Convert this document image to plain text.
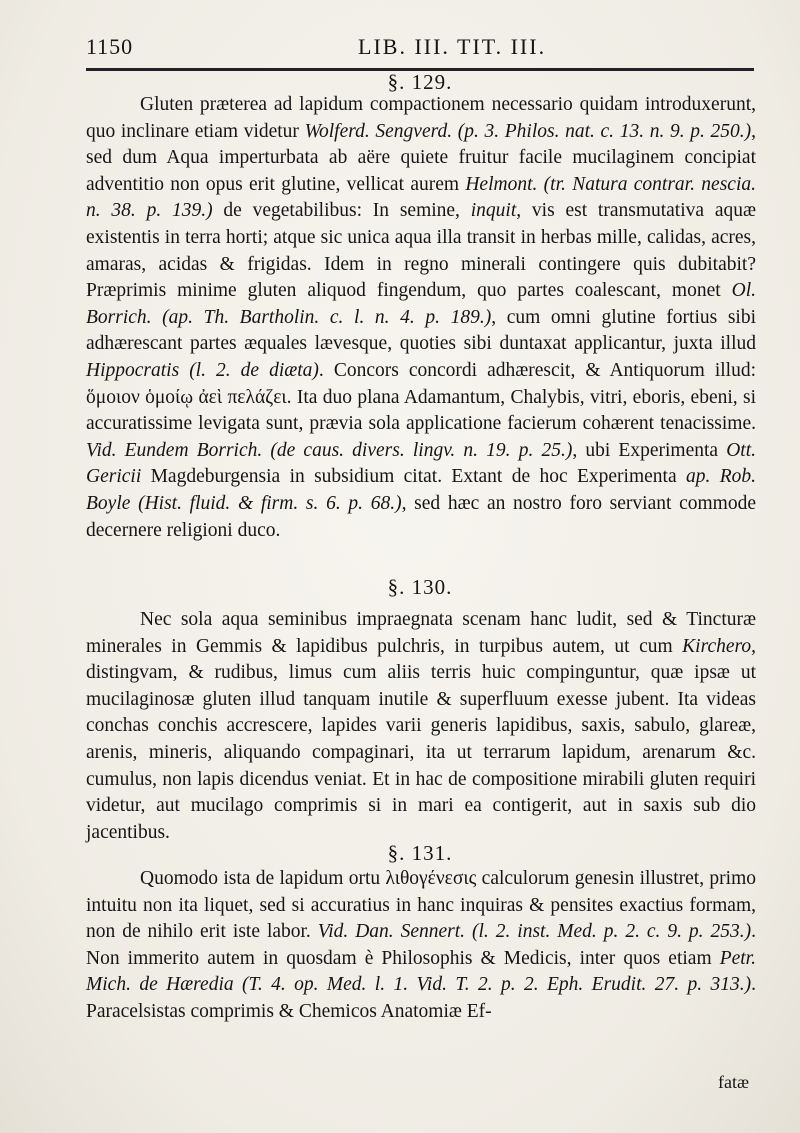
1150	LIB. III. TIT. III.
§. 129.

Gluten præterea ad lapidum compactionem necessario quidam introduxerunt, quo inclinare etiam videtur Wolferd. Sengverd. (p. 3. Philos. nat. c. 13. n. 9. p. 250.), sed dum Aqua imperturbata ab aëre quiete fruitur facile mucilaginem concipiat adventitio non opus erit glutine, vellicat aurem Helmont. (tr. Natura contrar. nescia. n. 38. p. 139.) de vegetabilibus: In semine, inquit, vis est transmutativa aquæ existentis in terra horti; atque sic unica aqua illa transit in herbas mille, calidas, acres, amaras, acidas & frigidas. Idem in regno minerali contingere quis dubitabit? Præprimis minime gluten aliquod fingendum, quo partes coalescant, monet Ol. Borrich. (ap. Th. Bartholin. c. l. n. 4. p. 189.), cum omni glutine fortius sibi adhærescant partes æquales lævesque, quoties sibi duntaxat applicantur, juxta illud Hippocratis (l. 2. de diæta). Concors concordi adhærescit, & Antiquorum illud: ὅμοιον ὁμοίῳ ἀεὶ πελάζει. Ita duo plana Adamantum, Chalybis, vitri, eboris, ebeni, si accuratissime levigata sunt, prævia sola applicatione facierum cohærent tenacissime. Vid. Eundem Borrich. (de caus. divers. lingv. n. 19. p. 25.), ubi Experimenta Ott. Gericii Magdeburgensia in subsidium citat. Extant de hoc Experimenta ap. Rob. Boyle (Hist. fluid. & firm. s. 6. p. 68.), sed hæc an nostro foro serviant commode decernere religioni duco.

§. 130.

Nec sola aqua seminibus impraegnata scenam hanc ludit, sed & Tincturæ minerales in Gemmis & lapidibus pulchris, in turpibus autem, ut cum Kirchero, distingvam, & rudibus, limus cum aliis terris huic compinguntur, quæ ipsæ ut mucilaginosæ gluten illud tanquam inutile & superfluum exesse jubent. Ita videas conchas conchis accrescere, lapides varii generis lapidibus, saxis, sabulo, glareæ, arenis, mineris, aliquando compaginari, ita ut terrarum lapidum, arenarum &c. cumulus, non lapis dicendus veniat. Et in hac de compositione mirabili gluten requiri videtur, aut mucilago comprimis si in mari ea contigerit, aut in saxis sub dio jacentibus.

§. 131.

Quomodo ista de lapidum ortu λιθογένεσις calculorum genesin illustret, primo intuitu non ita liquet, sed si accuratius in hanc inquiras & pensites exactius formam, non de nihilo erit iste labor. Vid. Dan. Sennert. (l. 2. inst. Med. p. 2. c. 9. p. 253.). Non immerito autem in quosdam è Philosophis & Medicis, inter quos etiam Petr. Mich. de Hæredia (T. 4. op. Med. l. 1. Vid. T. 2. p. 2. Eph. Erudit. 27. p. 313.). Paracelsistas comprimis & Chemicos Anatomiæ Ef-

fatæ
